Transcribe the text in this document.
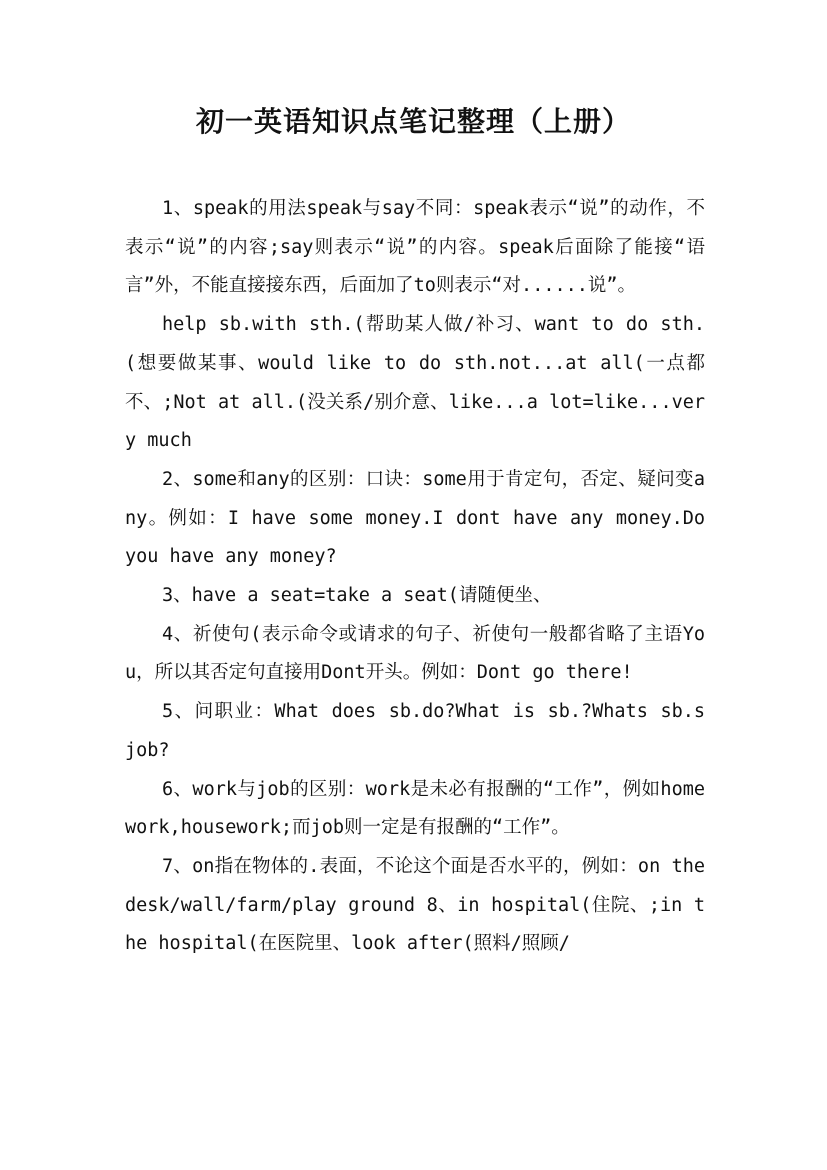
初一英语知识点笔记整理（上册）

1、speak的用法speak与say不同：speak表示“说”的动作，不表示“说”的内容;say则表示“说”的内容。speak后面除了能接“语言”外，不能直接接东西，后面加了to则表示“对......说”。

help sb.with sth.(帮助某人做/补习、want to do sth.(想要做某事、would like to do sth.not...at all(一点都不、;Not at all.(没关系/别介意、like...a lot=like...very much

2、some和any的区别：口诀：some用于肯定句，否定、疑问变any。例如：I have some money.I dont have any money.Do you have any money?

3、have a seat=take a seat(请随便坐、

4、祈使句(表示命令或请求的句子、祈使句一般都省略了主语You，所以其否定句直接用Dont开头。例如：Dont go there!

5、问职业：What does sb.do?What is sb.?Whats sb.s job?

6、work与job的区别：work是未必有报酬的“工作”，例如homework,housework;而job则一定是有报酬的“工作”。

7、on指在物体的.表面，不论这个面是否水平的，例如：on the desk/wall/farm/play ground 8、in hospital(住院、;in the hospital(在医院里、look after(照料/照顾/
